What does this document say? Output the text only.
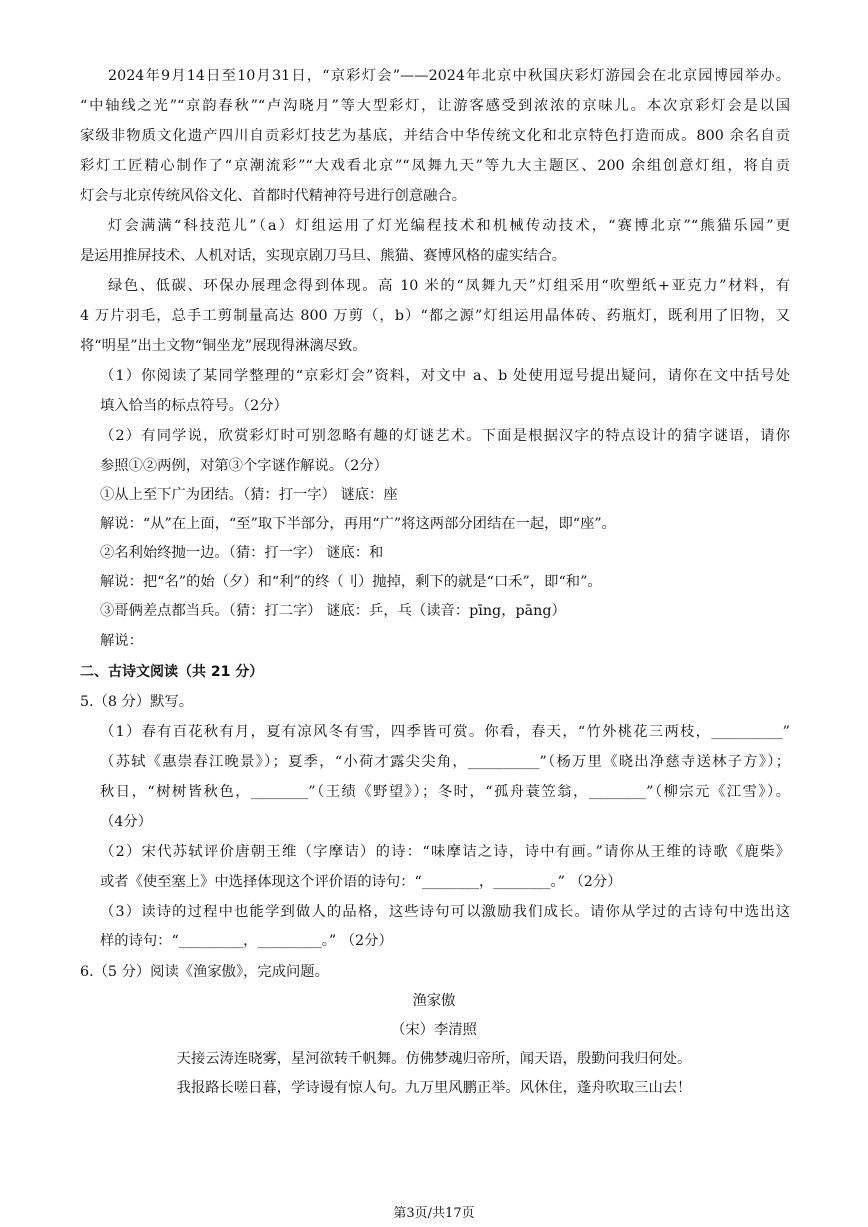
2024年9月14日至10月31日，“京彩灯会”——2024年北京中秋国庆彩灯游园会在北京园博园举办。
“中轴线之光”“京韵春秋”“卢沟晓月”等大型彩灯，让游客感受到浓浓的京味儿。本次京彩灯会是以国
家级非物质文化遗产四川自贡彩灯技艺为基底，并结合中华传统文化和北京特色打造而成。800 余名自贡
彩灯工匠精心制作了“京潮流彩”“大戏看北京”“凤舞九天”等九大主题区、200 余组创意灯组，将自贡
灯会与北京传统风俗文化、首都时代精神符号进行创意融合。
灯会满满“科技范儿”（a）灯组运用了灯光编程技术和机械传动技术，“赛博北京”“熊猫乐园”更
是运用推屏技术、人机对话，实现京剧刀马旦、熊猫、赛博风格的虚实结合。
绿色、低碳、环保办展理念得到体现。高 10 米的“凤舞九天”灯组采用“吹塑纸+亚克力”材料，有
4 万片羽毛，总手工剪制量高达 800 万剪（，b）“都之源”灯组运用晶体砖、药瓶灯，既利用了旧物，又
将“明星”出土文物“铜坐龙”展现得淋漓尽致。
（1）你阅读了某同学整理的“京彩灯会”资料，对文中 a、b 处使用逗号提出疑问，请你在文中括号处
填入恰当的标点符号。（2分）
（2）有同学说，欣赏彩灯时可别忽略有趣的灯谜艺术。下面是根据汉字的特点设计的猜字谜语，请你
参照①②两例，对第③个字谜作解说。（2分）
①从上至下广为团结。（猜：打一字） 谜底：座
解说：“从”在上面，“至”取下半部分，再用“广”将这两部分团结在一起，即“座”。
②名利始终抛一边。（猜：打一字） 谜底：和
解说：把“名”的始（夕）和“利”的终（刂）抛掉，剩下的就是“口禾”，即“和”。
③哥俩差点都当兵。（猜：打二字） 谜底：乒，乓（读音：pīng，pāng）
解说：
二、古诗文阅读（共 21 分）
5.（8 分）默写。
（1）春有百花秋有月，夏有凉风冬有雪，四季皆可赏。你看，春天，“竹外桃花三两枝，__________”
（苏轼《惠崇春江晚景》）；夏季，“小荷才露尖尖角，__________”（杨万里《晓出净慈寺送林子方》）；
秋日，“树树皆秋色，________”（王绩《野望》）；冬时，“孤舟蓑笠翁，________”（柳宗元《江雪》）。
（4分）
（2）宋代苏轼评价唐朝王维（字摩诘）的诗：“味摩诘之诗，诗中有画。”请你从王维的诗歌《鹿柴》
或者《使至塞上》中选择体现这个评价语的诗句：“________，________。” （2分）
（3）读诗的过程中也能学到做人的品格，这些诗句可以激励我们成长。请你从学过的古诗句中选出这
样的诗句：“_________，_________。” （2分）
6.（5 分）阅读《渔家傲》，完成问题。
渔家傲
（宋）李清照
天接云涛连晓雾，星河欲转千帆舞。仿佛梦魂归帝所，闻天语，殷勤问我归何处。
我报路长嗟日暮，学诗谩有惊人句。九万里风鹏正举。风休住，蓬舟吹取三山去！
第3页/共17页
